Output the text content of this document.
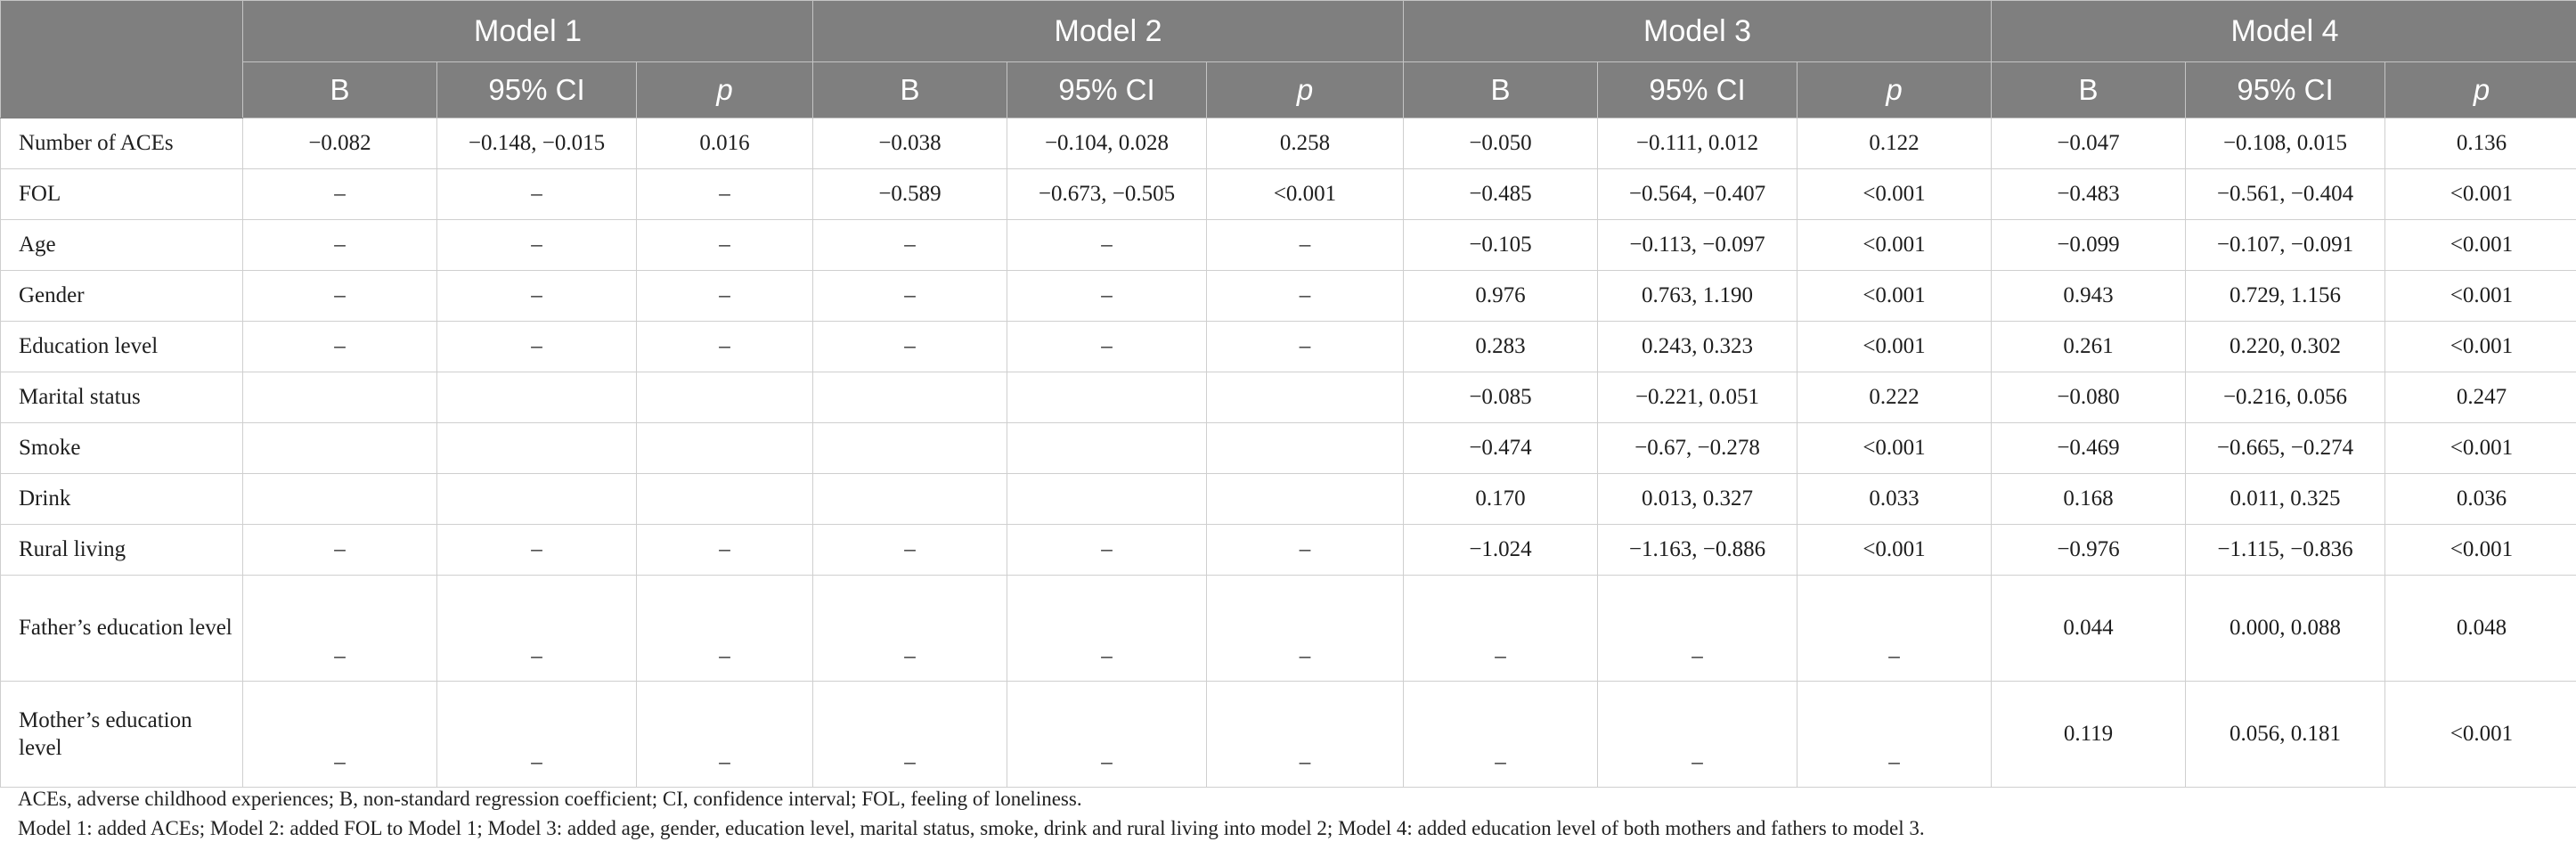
	Model 1			Model 2			Model 3			Model 4		
	B	95% CI	p	B	95% CI	p	B	95% CI	p	B	95% CI	p
Number of ACEs	−0.082	−0.148, −0.015	0.016	−0.038	−0.104, 0.028	0.258	−0.050	−0.111, 0.012	0.122	−0.047	−0.108, 0.015	0.136
FOL	–	–	–	−0.589	−0.673, −0.505	<0.001	−0.485	−0.564, −0.407	<0.001	−0.483	−0.561, −0.404	<0.001
Age	–	–	–	–	–	–	−0.105	−0.113, −0.097	<0.001	−0.099	−0.107, −0.091	<0.001
Gender	–	–	–	–	–	–	0.976	0.763, 1.190	<0.001	0.943	0.729, 1.156	<0.001
Education level	–	–	–	–	–	–	0.283	0.243, 0.323	<0.001	0.261	0.220, 0.302	<0.001
Marital status							−0.085	−0.221, 0.051	0.222	−0.080	−0.216, 0.056	0.247
Smoke							−0.474	−0.67, −0.278	<0.001	−0.469	−0.665, −0.274	<0.001
Drink							0.170	0.013, 0.327	0.033	0.168	0.011, 0.325	0.036
Rural living	–	–	–	–	–	–	−1.024	−1.163, −0.886	<0.001	−0.976	−1.115, −0.836	<0.001
Father’s education level	–	–	–	–	–	–	–	–	–	0.044	0.000, 0.088	0.048
Mother’s education level	–	–	–	–	–	–	–	–	–	0.119	0.056, 0.181	<0.001
ACEs, adverse childhood experiences; B, non-standard regression coefficient; CI, confidence interval; FOL, feeling of loneliness.
Model 1: added ACEs; Model 2: added FOL to Model 1; Model 3: added age, gender, education level, marital status, smoke, drink and rural living into model 2; Model 4: added education level of both mothers and fathers to model 3.
